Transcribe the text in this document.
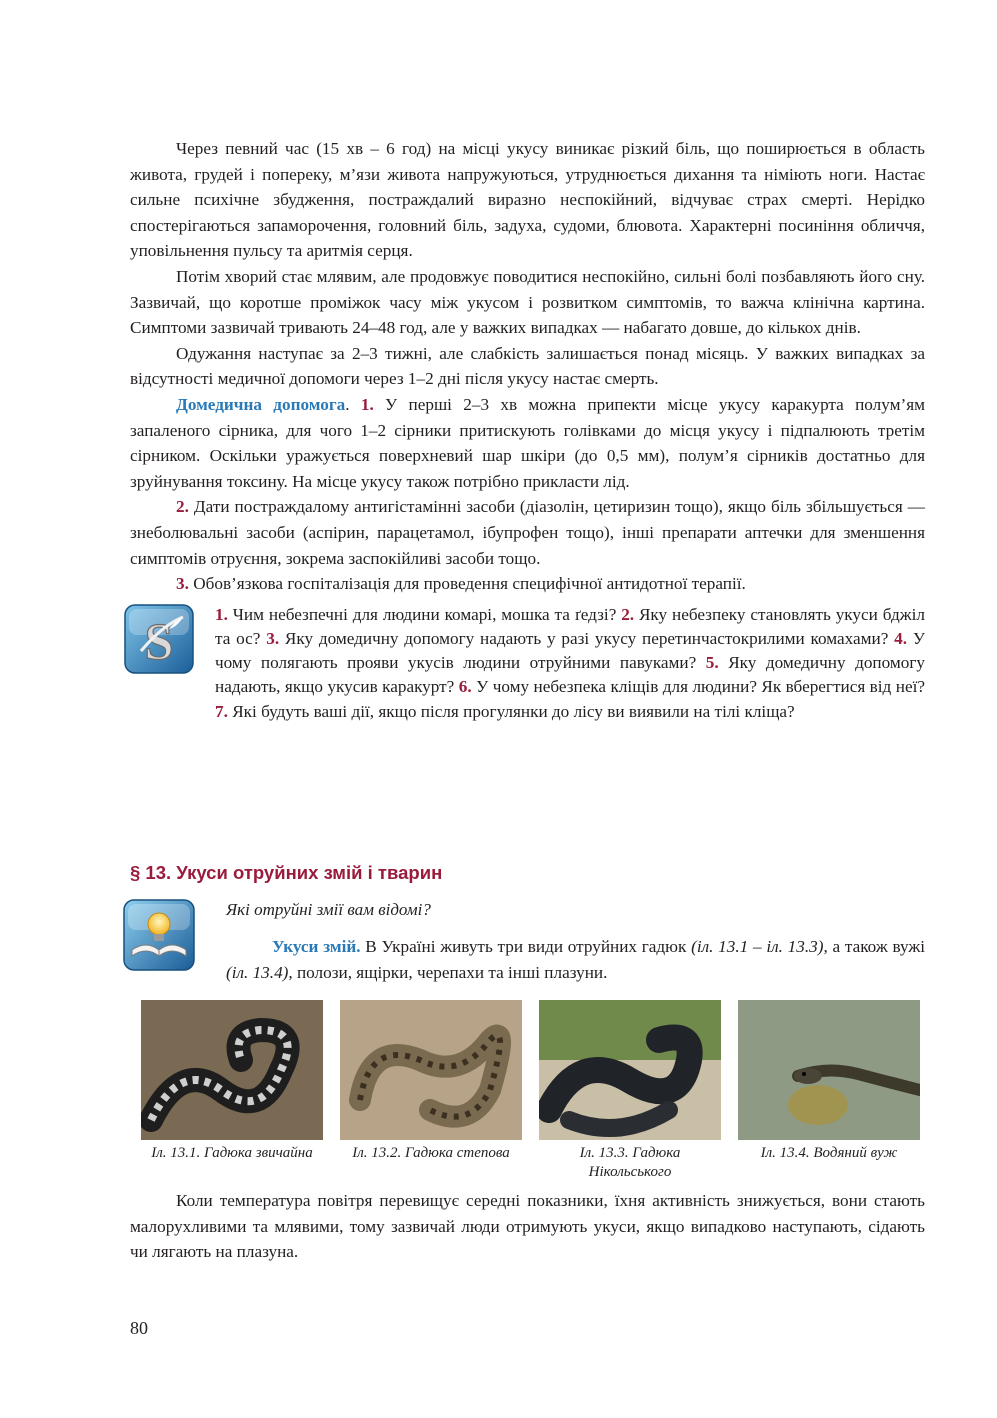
Через певний час (15 хв – 6 год) на місці укусу виникає різкий біль, що поширюється в область живота, грудей і попереку, м’язи живота напружуються, утруднюється дихання та німіють ноги. Настає сильне психічне збудження, постраждалий виразно неспокійний, відчуває страх смерті. Нерідко спостерігаються запаморочення, головний біль, задуха, судоми, блювота. Характерні посиніння обличчя, уповільнення пульсу та аритмія серця.

Потім хворий стає млявим, але продовжує поводитися неспокійно, сильні болі позбавляють його сну. Зазвичай, що коротше проміжок часу між укусом і розвитком симптомів, то важча клінічна картина. Симптоми зазвичай тривають 24–48 год, але у важких випадках — набагато довше, до кількох днів.

Одужання наступає за 2–3 тижні, але слабкість залишається понад місяць. У важких випадках за відсутності медичної допомоги через 1–2 дні після укусу настає смерть.

Домедична допомога. 1. У перші 2–3 хв можна припекти місце укусу каракурта полум’ям запаленого сірника, для чого 1–2 сірники притискують голівками до місця укусу і підпалюють третім сірником. Оскільки уражується поверхневий шар шкіри (до 0,5 мм), полум’я сірників достатньо для зруйнування токсину. На місце укусу також потрібно прикласти лід.

2. Дати постраждалому антигістамінні засоби (діазолін, цетиризин тощо), якщо біль збільшується — знеболювальні засоби (аспірин, парацетамол, ібупрофен тощо), інші препарати аптечки для зменшення симптомів отруєння, зокрема заспокійливі засоби тощо.

3. Обов’язкова госпіталізація для проведення специфічної антидотної терапії.

S 1. Чим небезпечні для людини комарі, мошка та ґедзі? 2. Яку небезпеку становлять укуси бджіл та ос? 3. Яку домедичну допомогу надають у разі укусу перетинчастокрилими комахами? 4. У чому полягають прояви укусів людини отруйними павуками? 5. Яку домедичну допомогу надають, якщо укусив каракурт? 6. У чому небезпека кліщів для людини? Як вберегтися від неї? 7. Які будуть ваші дії, якщо після прогулянки до лісу ви виявили на тілі кліща?

§ 13. Укуси отруйних змій і тварин

Які отруйні змії вам відомі?

Укуси змій. В Україні живуть три види отруйних гадюк (іл. 13.1 – іл. 13.3), а також вужі (іл. 13.4), полози, ящірки, черепахи та інші плазуни.

Іл. 13.1. Гадюка звичайна	Іл. 13.2. Гадюка степова	Іл. 13.3. Гадюка Нікольського
Іл. 13.4. Водяний вуж

Коли температура повітря перевищує середні показники, їхня активність знижується, вони стають малорухливими та млявими, тому зазвичай люди отримують укуси, якщо випадково наступають, сідають чи лягають на плазуна.

80
